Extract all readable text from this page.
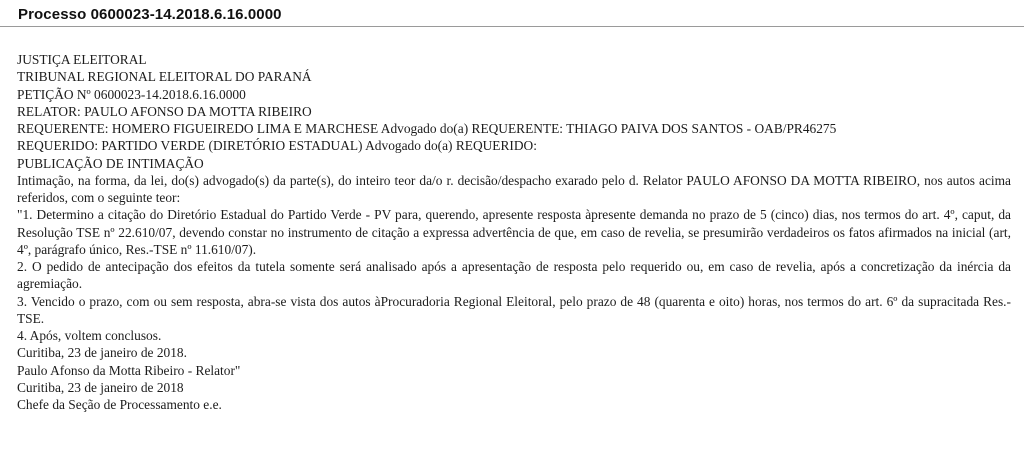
Processo 0600023-14.2018.6.16.0000
JUSTIÇA ELEITORAL
TRIBUNAL REGIONAL ELEITORAL DO PARANÁ
PETIÇÃO Nº 0600023-14.2018.6.16.0000
RELATOR: PAULO AFONSO DA MOTTA RIBEIRO
REQUERENTE: HOMERO FIGUEIREDO LIMA E MARCHESE Advogado do(a) REQUERENTE: THIAGO PAIVA DOS SANTOS - OAB/PR46275
REQUERIDO: PARTIDO VERDE (DIRETÓRIO ESTADUAL) Advogado do(a) REQUERIDO:
PUBLICAÇÃO DE INTIMAÇÃO
Intimação, na forma, da lei, do(s) advogado(s) da parte(s), do inteiro teor da/o r. decisão/despacho exarado pelo d. Relator PAULO AFONSO DA MOTTA RIBEIRO, nos autos acima referidos, com o seguinte teor:
"1. Determino a citação do Diretório Estadual do Partido Verde - PV para, querendo, apresente resposta àpresente demanda no prazo de 5 (cinco) dias, nos termos do art. 4º, caput, da Resolução TSE nº 22.610/07, devendo constar no instrumento de citação a expressa advertência de que, em caso de revelia, se presumirão verdadeiros os fatos afirmados na inicial (art, 4º, parágrafo único, Res.-TSE nº 11.610/07).
2. O pedido de antecipação dos efeitos da tutela somente será analisado após a apresentação de resposta pelo requerido ou, em caso de revelia, após a concretização da inércia da agremiação.
3. Vencido o prazo, com ou sem resposta, abra-se vista dos autos àProcuradoria Regional Eleitoral, pelo prazo de 48 (quarenta e oito) horas, nos termos do art. 6º da supracitada Res.-TSE.
4. Após, voltem conclusos.
Curitiba, 23 de janeiro de 2018.
Paulo Afonso da Motta Ribeiro - Relator"
Curitiba, 23 de janeiro de 2018
Chefe da Seção de Processamento e.e.
